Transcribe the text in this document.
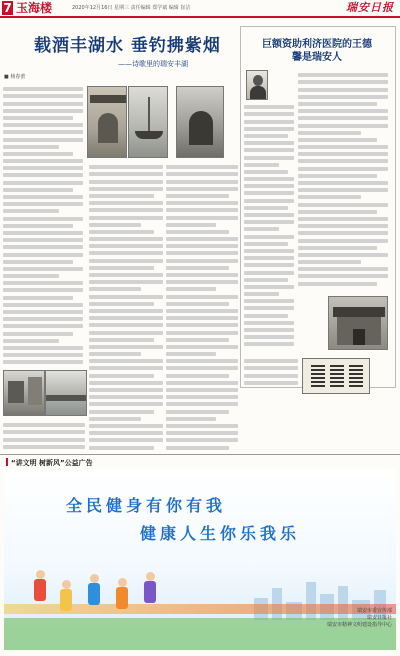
7 玉海楼	2020年12月16日 星期三 责任编辑 郑学斌 编辑 崔洁	瑞安日报
载酒丰湖水 垂钓拂紫烟
——诗歌里的瑞安丰湖
■ 杨春蕾
巨额资助利济医院的王德馨是瑞安人
“讲文明 树新风”公益广告
全民健身有你有我
健康人生你乐我乐
瑞安市委宣传部
瑞安日报社
瑞安市精神文明建设指导中心
